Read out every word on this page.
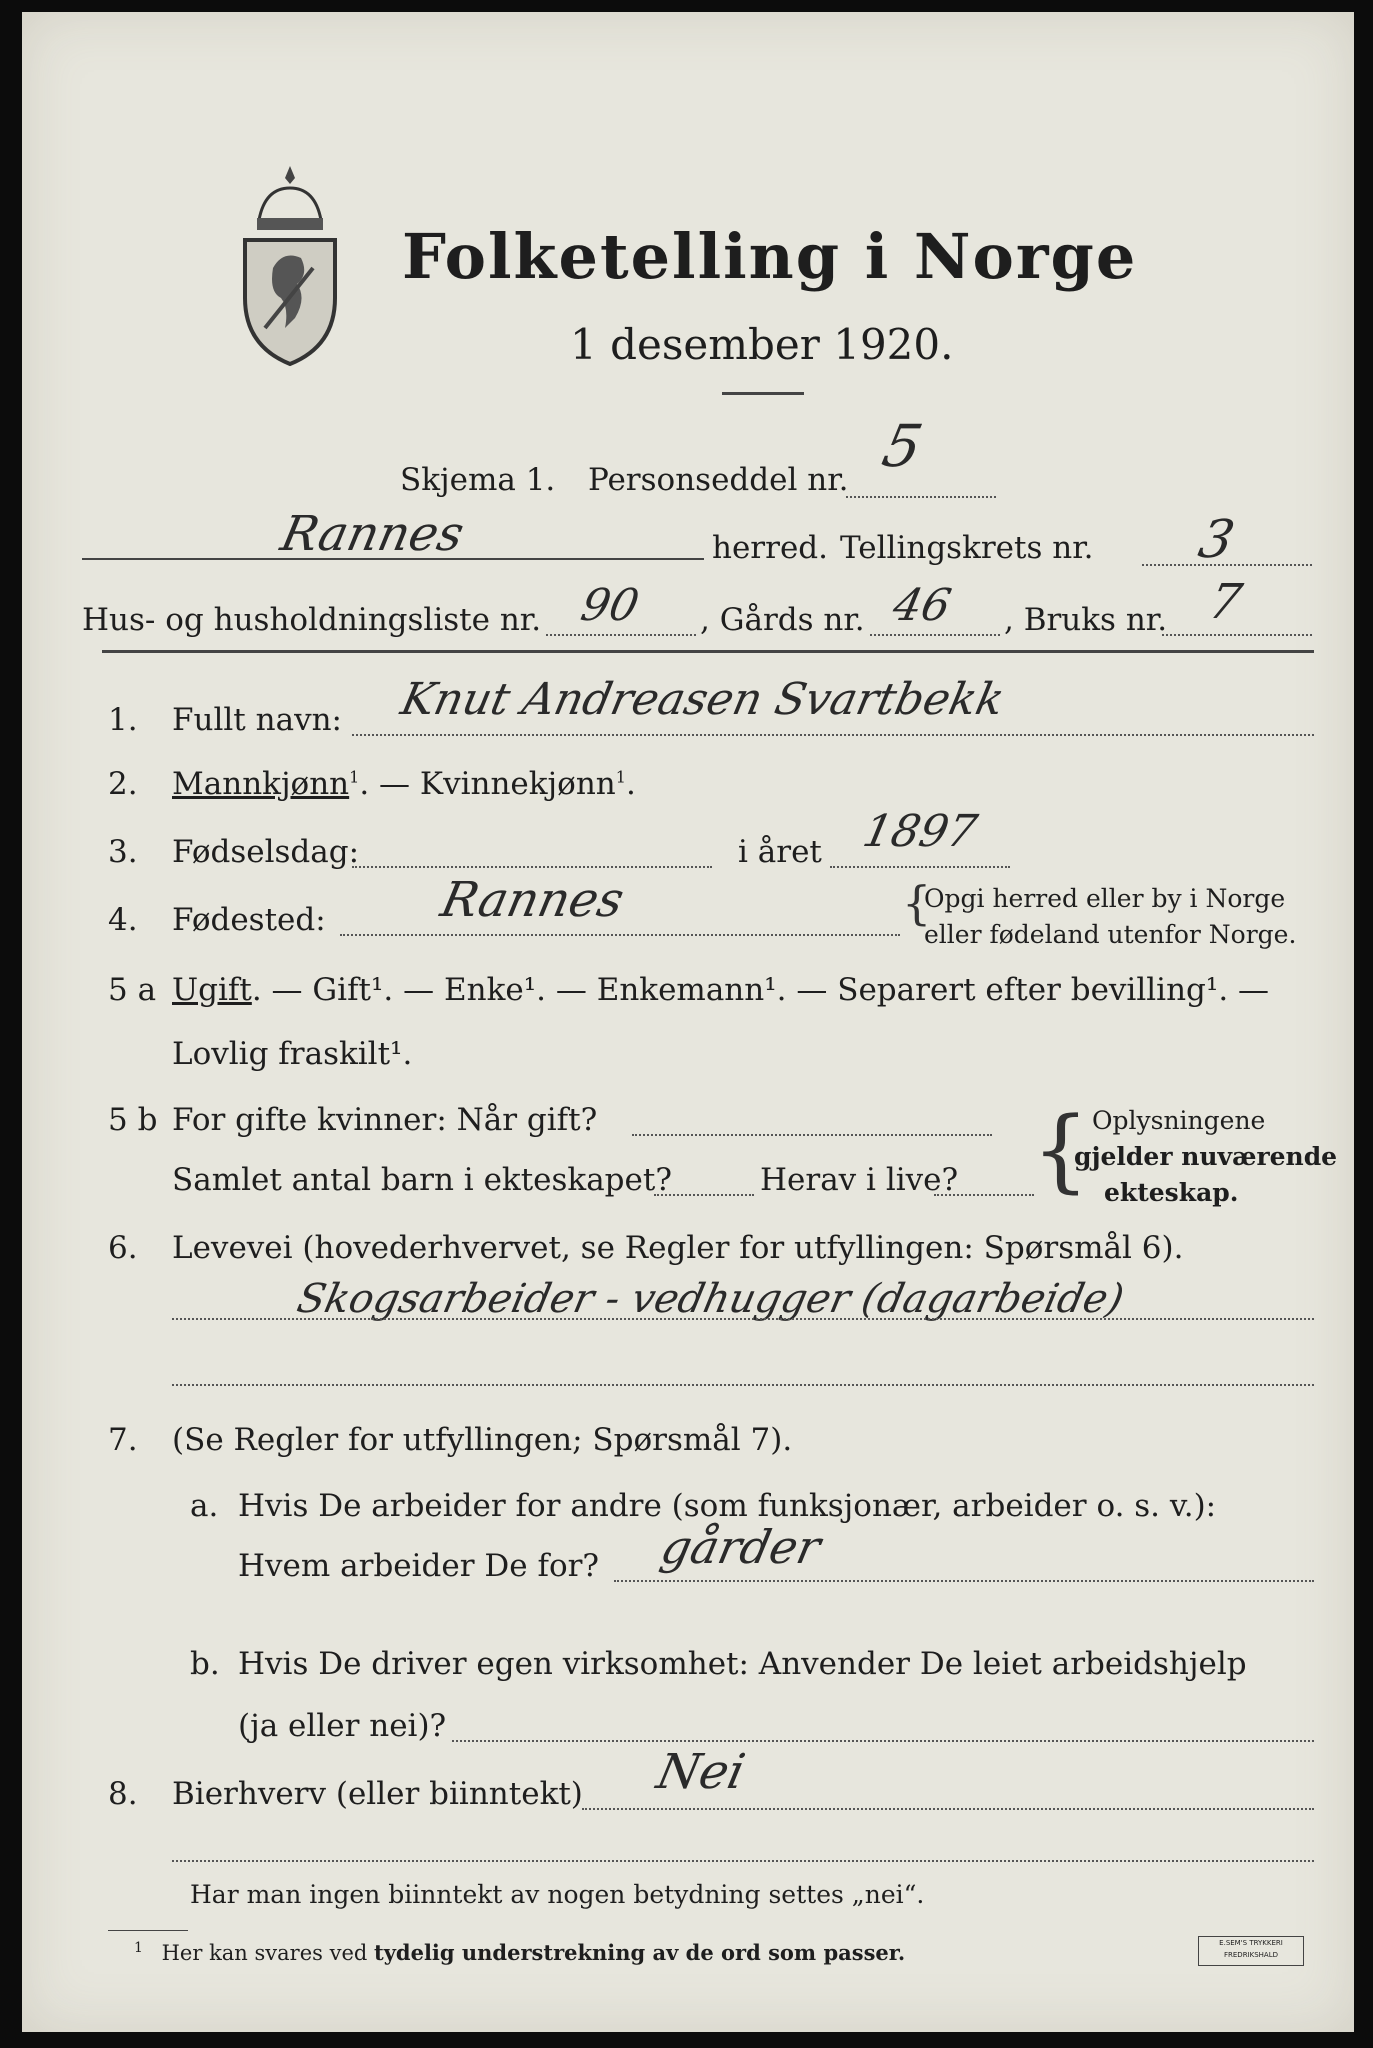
Folketelling i Norge
1 desember 1920.
Skjema 1. Personseddel nr. 5
Rannes	herred. Tellingskrets nr. 3
Hus- og husholdningsliste nr. 90 , Gårds nr. 46 , Bruks nr. 7
1. Fullt navn: Knut Andreasen Svartbekk
2. Mannkjønn$^1$. — Kvinnekjønn$^1$.
3. Fødselsdag:	i året 1897
4. Fødested: Rannes	{
Opgi herred eller by i Norge
eller fødeland utenfor Norge.
5 a Ugift. — Gift¹. — Enke¹. — Enkemann¹. — Separert efter bevilling¹. —
Lovlig fraskilt¹.
5 b For gifte kvinner: Når gift?
Samlet antal barn i ekteskapet?	Herav i live? { Oplysningene
gjelder nuværende
ekteskap.
6. Levevei (hovederhvervet, se Regler for utfyllingen: Spørsmål 6).
Skogsarbeider - vedhugger (dagarbeide)
7. (Se Regler for utfyllingen; Spørsmål 7).
a. Hvis De arbeider for andre (som funksjonær, arbeider o. s. v.):
Hvem arbeider De for? gårder
b. Hvis De driver egen virksomhet: Anvender De leiet arbeidshjelp
(ja eller nei)?
8. Bierhverv (eller biinntekt) Nei
Har man ingen biinntekt av nogen betydning settes „nei“.
$^1$ Her kan svares ved tydelig understrekning av de ord som passer.	E.SEM'S TRYKKERI
FREDRIKSHALD
